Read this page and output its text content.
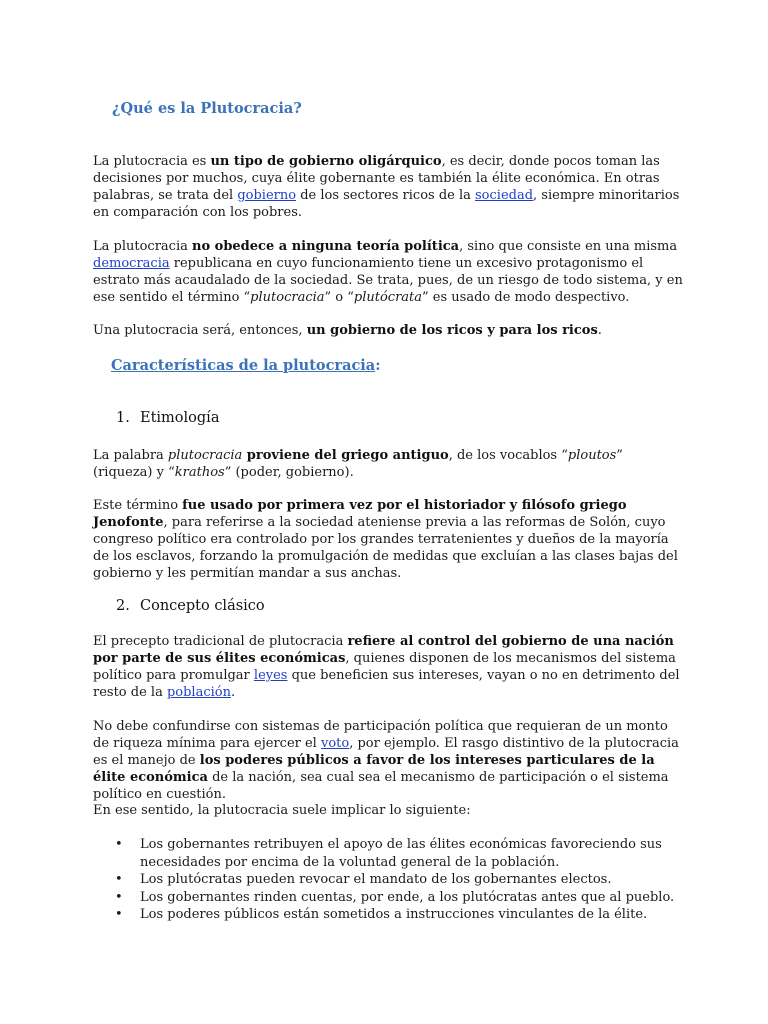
¿Qué es la Plutocracia?

La plutocracia es un tipo de gobierno oligárquico, es decir, donde pocos toman las decisiones por muchos, cuya élite gobernante es también la élite económica. En otras palabras, se trata del gobierno de los sectores ricos de la sociedad, siempre minoritarios en comparación con los pobres.

La plutocracia no obedece a ninguna teoría política, sino que consiste en una misma democracia republicana en cuyo funcionamiento tiene un excesivo protagonismo el estrato más acaudalado de la sociedad. Se trata, pues, de un riesgo de todo sistema, y en ese sentido el término “plutocracia” o “plutócrata” es usado de modo despectivo.

Una plutocracia será, entonces, un gobierno de los ricos y para los ricos.

Características de la plutocracia:
1. Etimología

La palabra plutocracia proviene del griego antiguo, de los vocablos “ploutos” (riqueza) y “krathos” (poder, gobierno).

Este término fue usado por primera vez por el historiador y filósofo griego Jenofonte, para referirse a la sociedad ateniense previa a las reformas de Solón, cuyo congreso político era controlado por los grandes terratenientes y dueños de la mayoría de los esclavos, forzando la promulgación de medidas que excluían a las clases bajas del gobierno y les permitían mandar a sus anchas.

2. Concepto clásico

El precepto tradicional de plutocracia refiere al control del gobierno de una nación por parte de sus élites económicas, quienes disponen de los mecanismos del sistema político para promulgar leyes que beneficien sus intereses, vayan o no en detrimento del resto de la población.

No debe confundirse con sistemas de participación política que requieran de un monto de riqueza mínima para ejercer el voto, por ejemplo. El rasgo distintivo de la plutocracia es el manejo de los poderes públicos a favor de los intereses particulares de la élite económica de la nación, sea cual sea el mecanismo de participación o el sistema político en cuestión.

En ese sentido, la plutocracia suele implicar lo siguiente:

• Los gobernantes retribuyen el apoyo de las élites económicas favoreciendo sus necesidades por encima de la voluntad general de la población.
• Los plutócratas pueden revocar el mandato de los gobernantes electos.
• Los gobernantes rinden cuentas, por ende, a los plutócratas antes que al pueblo.
• Los poderes públicos están sometidos a instrucciones vinculantes de la élite.
